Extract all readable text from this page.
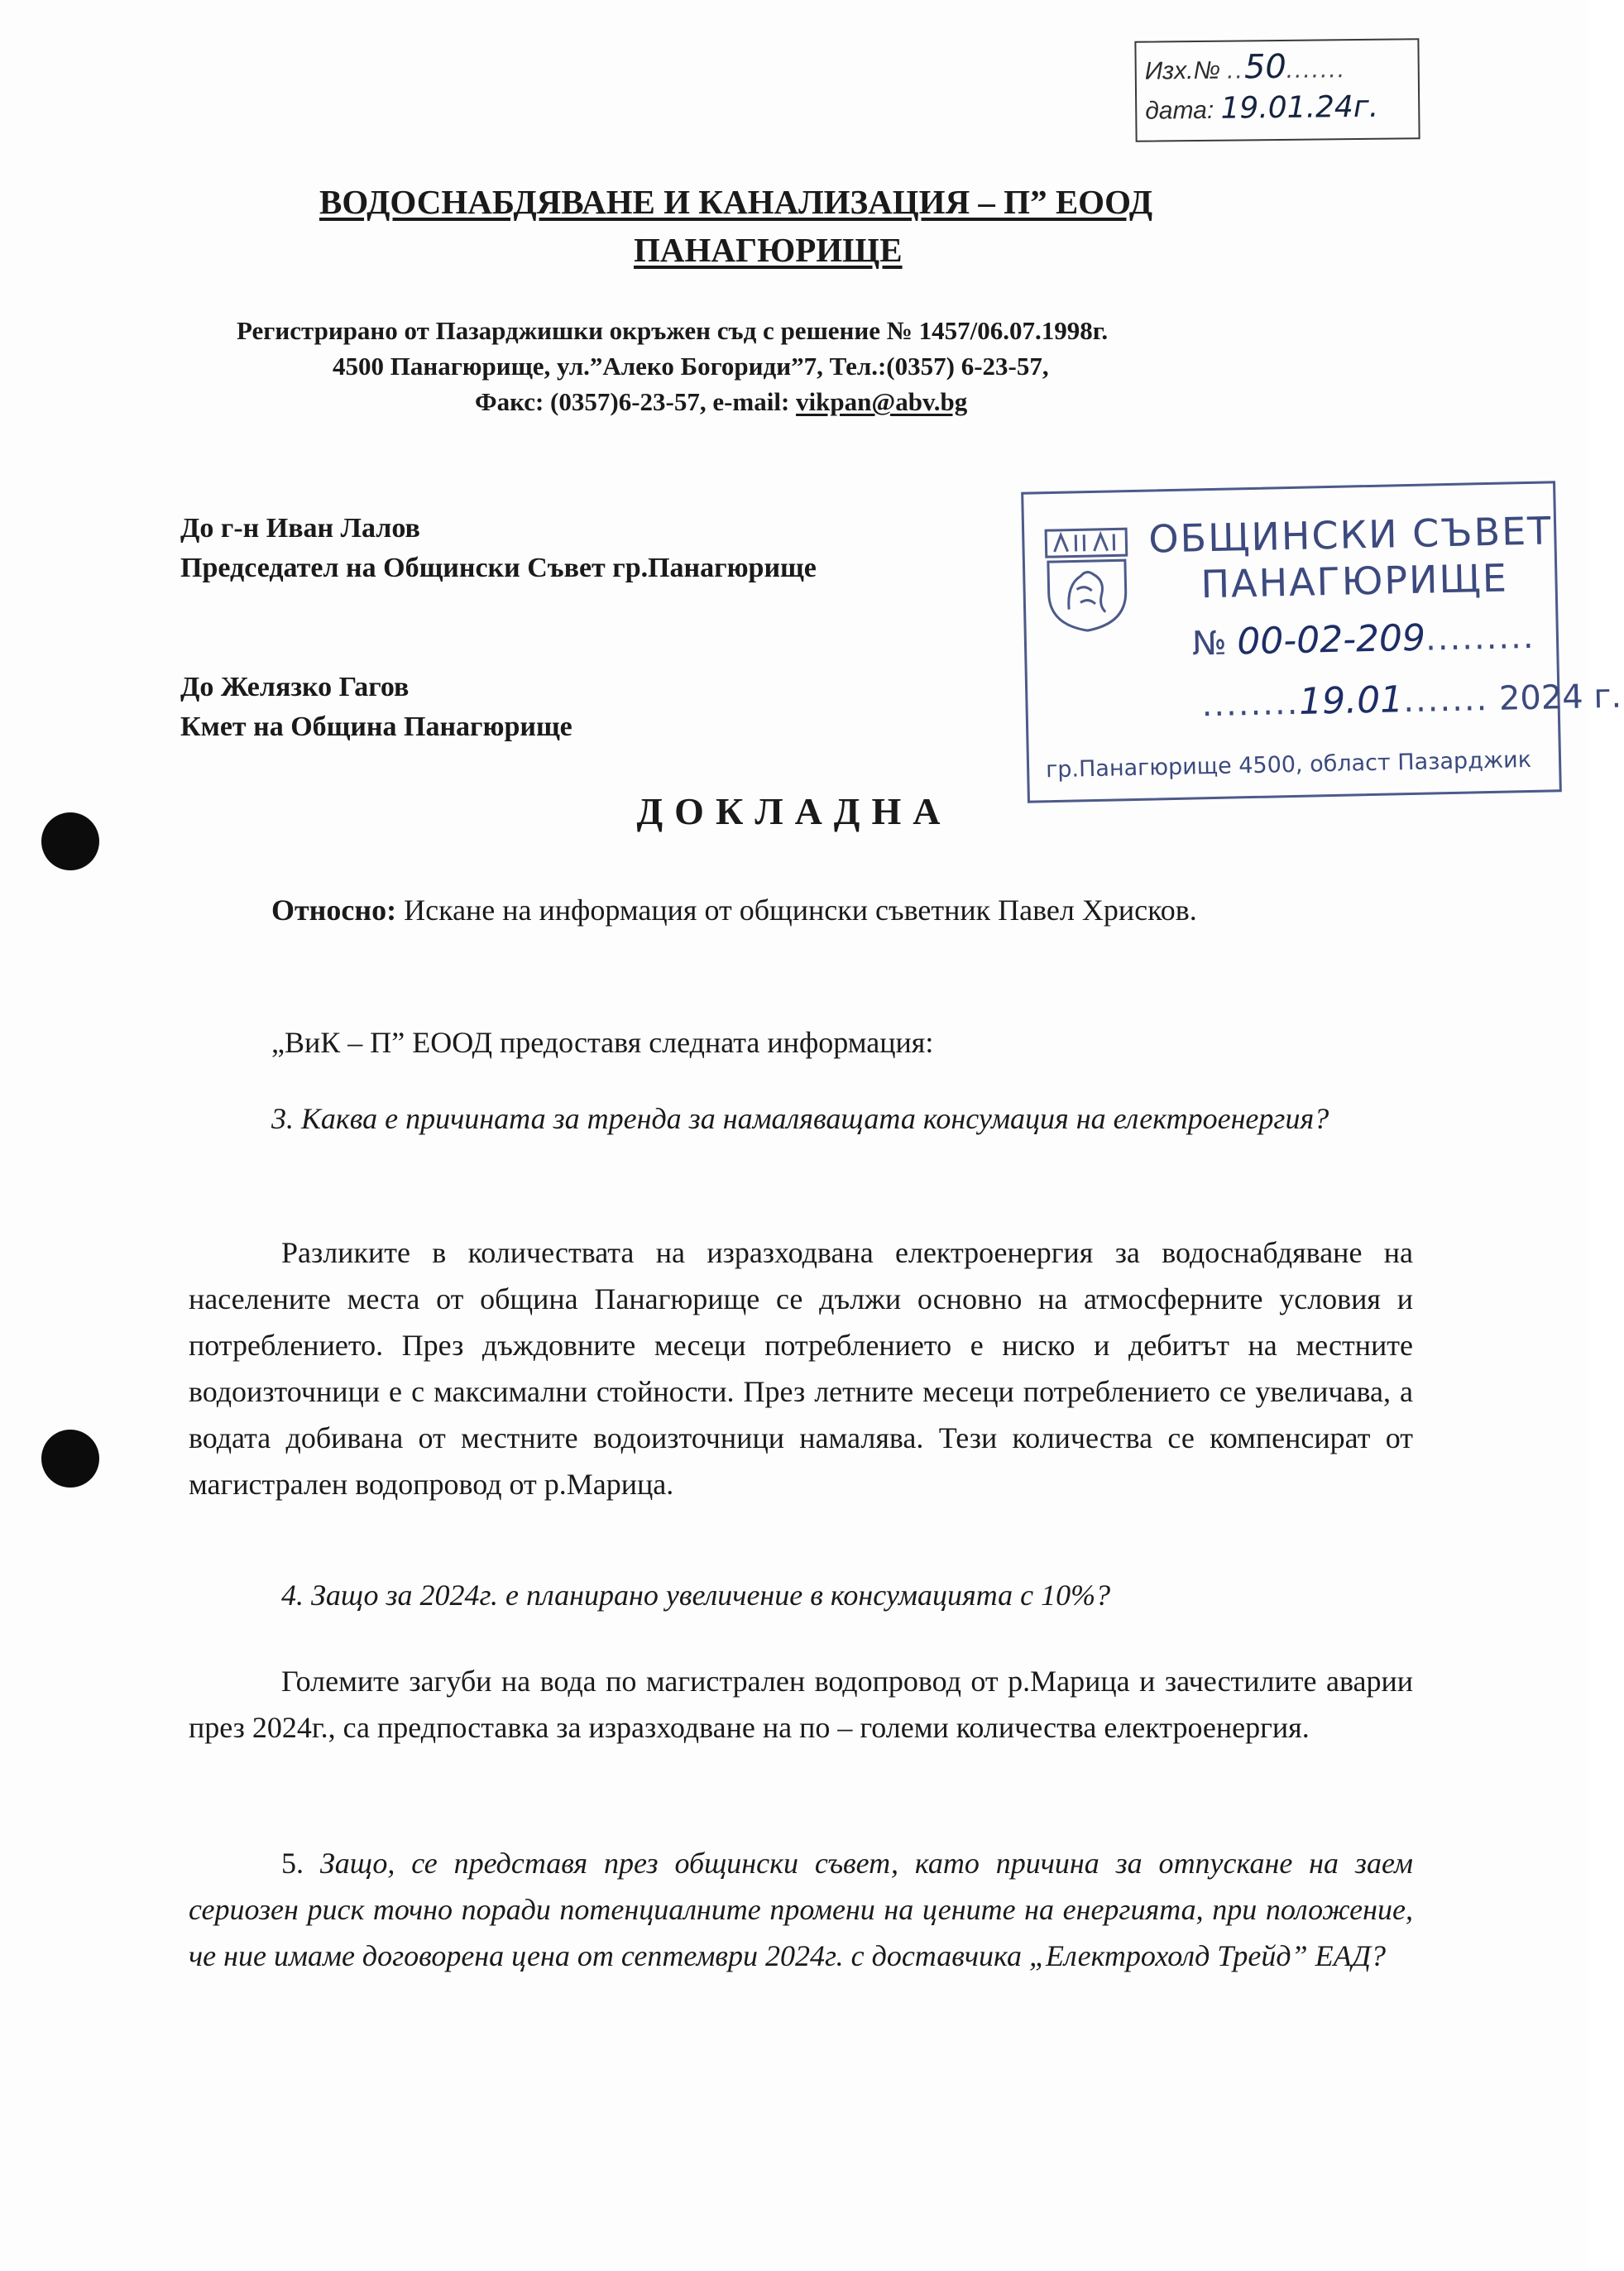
Изх.№ ..50.......
дата: 19.01.24г.
ВОДОСНАБДЯВАНЕ И КАНАЛИЗАЦИЯ – П” ЕООД
ПАНАГЮРИЩЕ
Регистрирано от Пазарджишки окръжен съд с решение № 1457/06.07.1998г.
4500 Панагюрище, ул.”Алеко Богориди”7, Тел.:(0357) 6-23-57,
Факс: (0357)6-23-57, e-mail: vikpan@abv.bg
До г-н Иван Лалов
Председател на Общински Съвет гр.Панагюрище
До Желязко Гагов
Кмет на Община Панагюрище
ОБЩИНСКИ СЪВЕТ
ПАНАГЮРИЩЕ
№ 00-02-209.........
........19.01....... 2024 г.
гр.Панагюрище 4500, област Пазарджик
ДОКЛАДНА
Относно: Искане на информация от общински съветник Павел Хрисков.
„ВиК – П” ЕООД предоставя следната информация:
3. Каква е причината за тренда за намаляващата консумация на електроенергия?
Разликите в количествата на изразходвана електроенергия за водоснабдяване на населените места от община Панагюрище се дължи основно на атмосферните условия и потреблението. През дъждовните месеци потреблението е ниско и дебитът на местните водоизточници е с максимални стойности. През летните месеци потреблението се увеличава, а водата добивана от местните водоизточници намалява. Тези количества се компенсират от магистрален водопровод от р.Марица.
4. Защо за 2024г. е планирано увеличение в консумацията с 10%?
Големите загуби на вода по магистрален водопровод от р.Марица и зачестилите аварии през 2024г., са предпоставка за изразходване на по – големи количества електроенергия.
5. Защо, се представя през общински съвет, като причина за отпускане на заем сериозен риск точно поради потенциалните промени на цените на енергията, при положение, че ние имаме договорена цена от септември 2024г. с доставчика „Електрохолд Трейд” ЕАД?
